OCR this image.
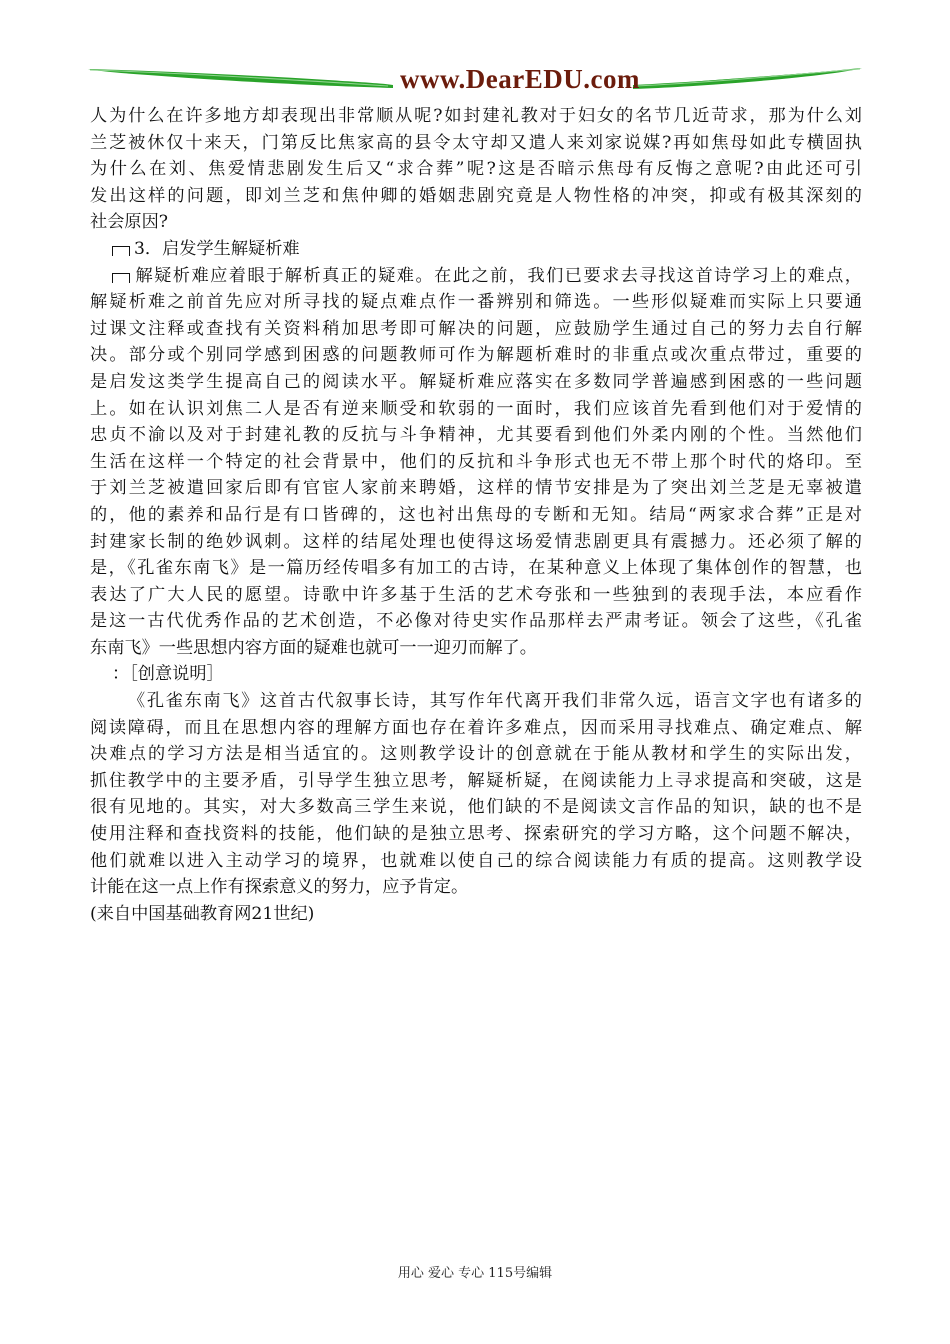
www.DearEDU.com
人为什么在许多地方却表现出非常顺从呢?如封建礼教对于妇女的名节几近苛求，那为什么刘
兰芝被休仅十来天，门第反比焦家高的县令太守却又遣人来刘家说媒?再如焦母如此专横固执
为什么在刘、焦爱情悲剧发生后又“求合葬”呢?这是否暗示焦母有反悔之意呢?由此还可引
发出这样的问题，即刘兰芝和焦仲卿的婚姻悲剧究竟是人物性格的冲突，抑或有极其深刻的
社会原因?
3．启发学生解疑析难
解疑析难应着眼于解析真正的疑难。在此之前，我们已要求去寻找这首诗学习上的难点，
解疑析难之前首先应对所寻找的疑点难点作一番辨别和筛选。一些形似疑难而实际上只要通
过课文注释或查找有关资料稍加思考即可解决的问题，应鼓励学生通过自己的努力去自行解
决。部分或个别同学感到困惑的问题教师可作为解题析难时的非重点或次重点带过，重要的
是启发这类学生提高自己的阅读水平。解疑析难应落实在多数同学普遍感到困惑的一些问题
上。如在认识刘焦二人是否有逆来顺受和软弱的一面时，我们应该首先看到他们对于爱情的
忠贞不渝以及对于封建礼教的反抗与斗争精神，尤其要看到他们外柔内刚的个性。当然他们
生活在这样一个特定的社会背景中，他们的反抗和斗争形式也无不带上那个时代的烙印。至
于刘兰芝被遣回家后即有官宦人家前来聘婚，这样的情节安排是为了突出刘兰芝是无辜被遣
的，他的素养和品行是有口皆碑的，这也衬出焦母的专断和无知。结局“两家求合葬”正是对
封建家长制的绝妙讽刺。这样的结尾处理也使得这场爱情悲剧更具有震撼力。还必须了解的
是，《孔雀东南飞》是一篇历经传唱多有加工的古诗，在某种意义上体现了集体创作的智慧，也
表达了广大人民的愿望。诗歌中许多基于生活的艺术夸张和一些独到的表现手法，本应看作
是这一古代优秀作品的艺术创造，不必像对待史实作品那样去严肃考证。领会了这些，《孔雀
东南飞》一些思想内容方面的疑难也就可一一迎刃而解了。
：［创意说明］
《孔雀东南飞》这首古代叙事长诗，其写作年代离开我们非常久远，语言文字也有诸多的
阅读障碍，而且在思想内容的理解方面也存在着许多难点，因而采用寻找难点、确定难点、解
决难点的学习方法是相当适宜的。这则教学设计的创意就在于能从教材和学生的实际出发，
抓住教学中的主要矛盾，引导学生独立思考，解疑析疑，在阅读能力上寻求提高和突破，这是
很有见地的。其实，对大多数高三学生来说，他们缺的不是阅读文言作品的知识，缺的也不是
使用注释和查找资料的技能，他们缺的是独立思考、探索研究的学习方略，这个问题不解决，
他们就难以进入主动学习的境界，也就难以使自己的综合阅读能力有质的提高。这则教学设
计能在这一点上作有探索意义的努力，应予肯定。
(来自中国基础教育网21世纪)
用心 爱心 专心 115号编辑
